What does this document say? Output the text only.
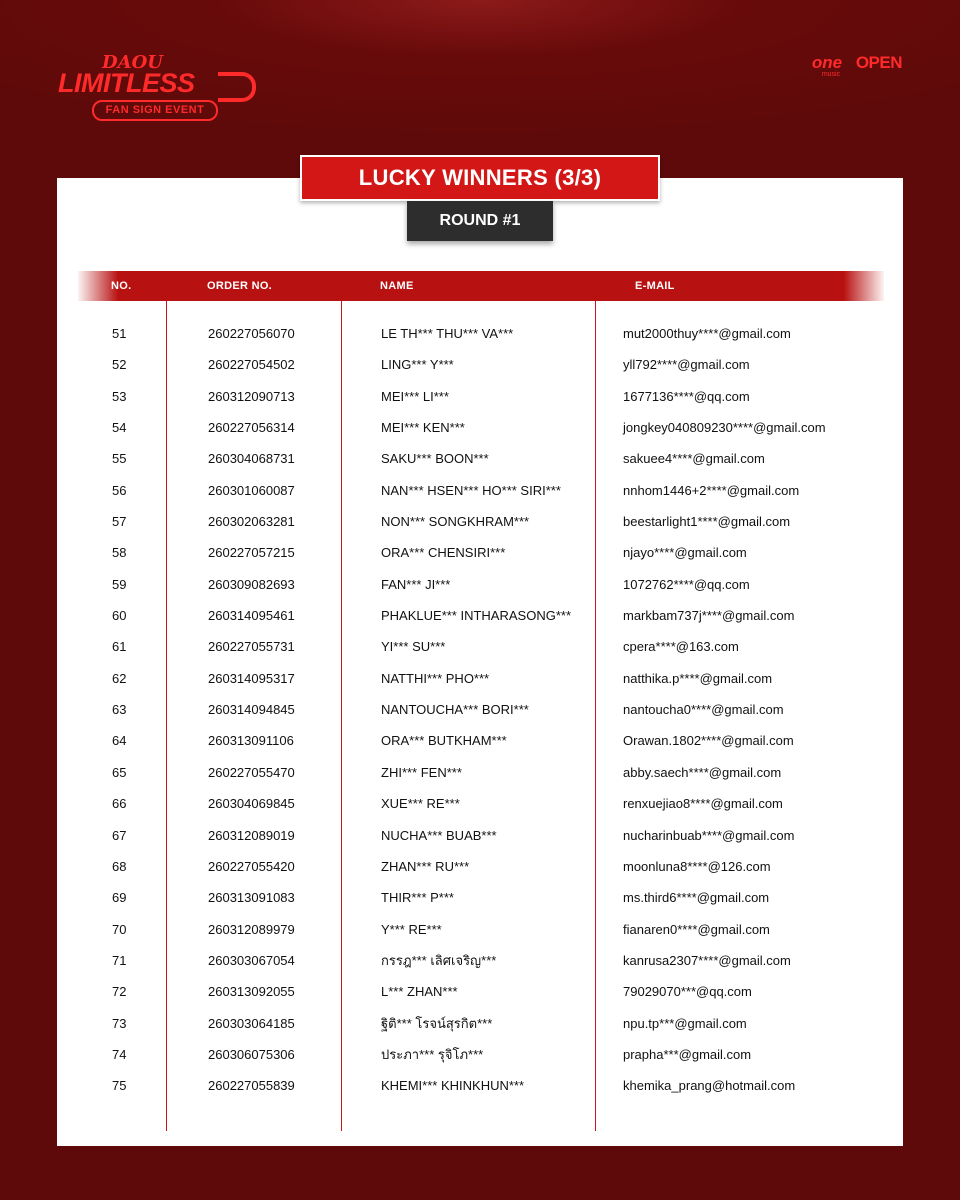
DAOU
LIMITLESS
FAN SIGN EVENT
one
music
OPEN
LUCKY WINNERS (3/3)
ROUND #1
NO.	ORDER NO.	NAME	E-MAIL
51	260227056070	LE TH*** THU*** VA***	mut2000thuy****@gmail.com
52	260227054502	LING*** Y***	yll792****@gmail.com
53	260312090713	MEI*** LI***	1677136****@qq.com
54	260227056314	MEI*** KEN***	jongkey040809230****@gmail.com
55	260304068731	SAKU*** BOON***	sakuee4****@gmail.com
56	260301060087	NAN*** HSEN*** HO*** SIRI***	nnhom1446+2****@gmail.com
57	260302063281	NON*** SONGKHRAM***	beestarlight1****@gmail.com
58	260227057215	ORA*** CHENSIRI***	njayo****@gmail.com
59	260309082693	FAN*** JI***	1072762****@qq.com
60	260314095461	PHAKLUE*** INTHARASONG***	markbam737j****@gmail.com
61	260227055731	YI*** SU***	cpera****@163.com
62	260314095317	NATTHI*** PHO***	natthika.p****@gmail.com
63	260314094845	NANTOUCHA*** BORI***	nantoucha0****@gmail.com
64	260313091106	ORA*** BUTKHAM***	Orawan.1802****@gmail.com
65	260227055470	ZHI*** FEN***	abby.saech****@gmail.com
66	260304069845	XUE*** RE***	renxuejiao8****@gmail.com
67	260312089019	NUCHA*** BUAB***	nucharinbuab****@gmail.com
68	260227055420	ZHAN*** RU***	moonluna8****@126.com
69	260313091083	THIR*** P***	ms.third6****@gmail.com
70	260312089979	Y*** RE***	fianaren0****@gmail.com
71	260303067054	กรรฎ*** เลิศเจริญ***	kanrusa2307****@gmail.com
72	260313092055	L*** ZHAN***	79029070***@qq.com
73	260303064185	ฐิติ*** โรจน์สุรกิต***	npu.tp***@gmail.com
74	260306075306	ประภา*** รุจิโภ***	prapha***@gmail.com
75	260227055839	KHEMI*** KHINKHUN***	khemika_prang@hotmail.com
